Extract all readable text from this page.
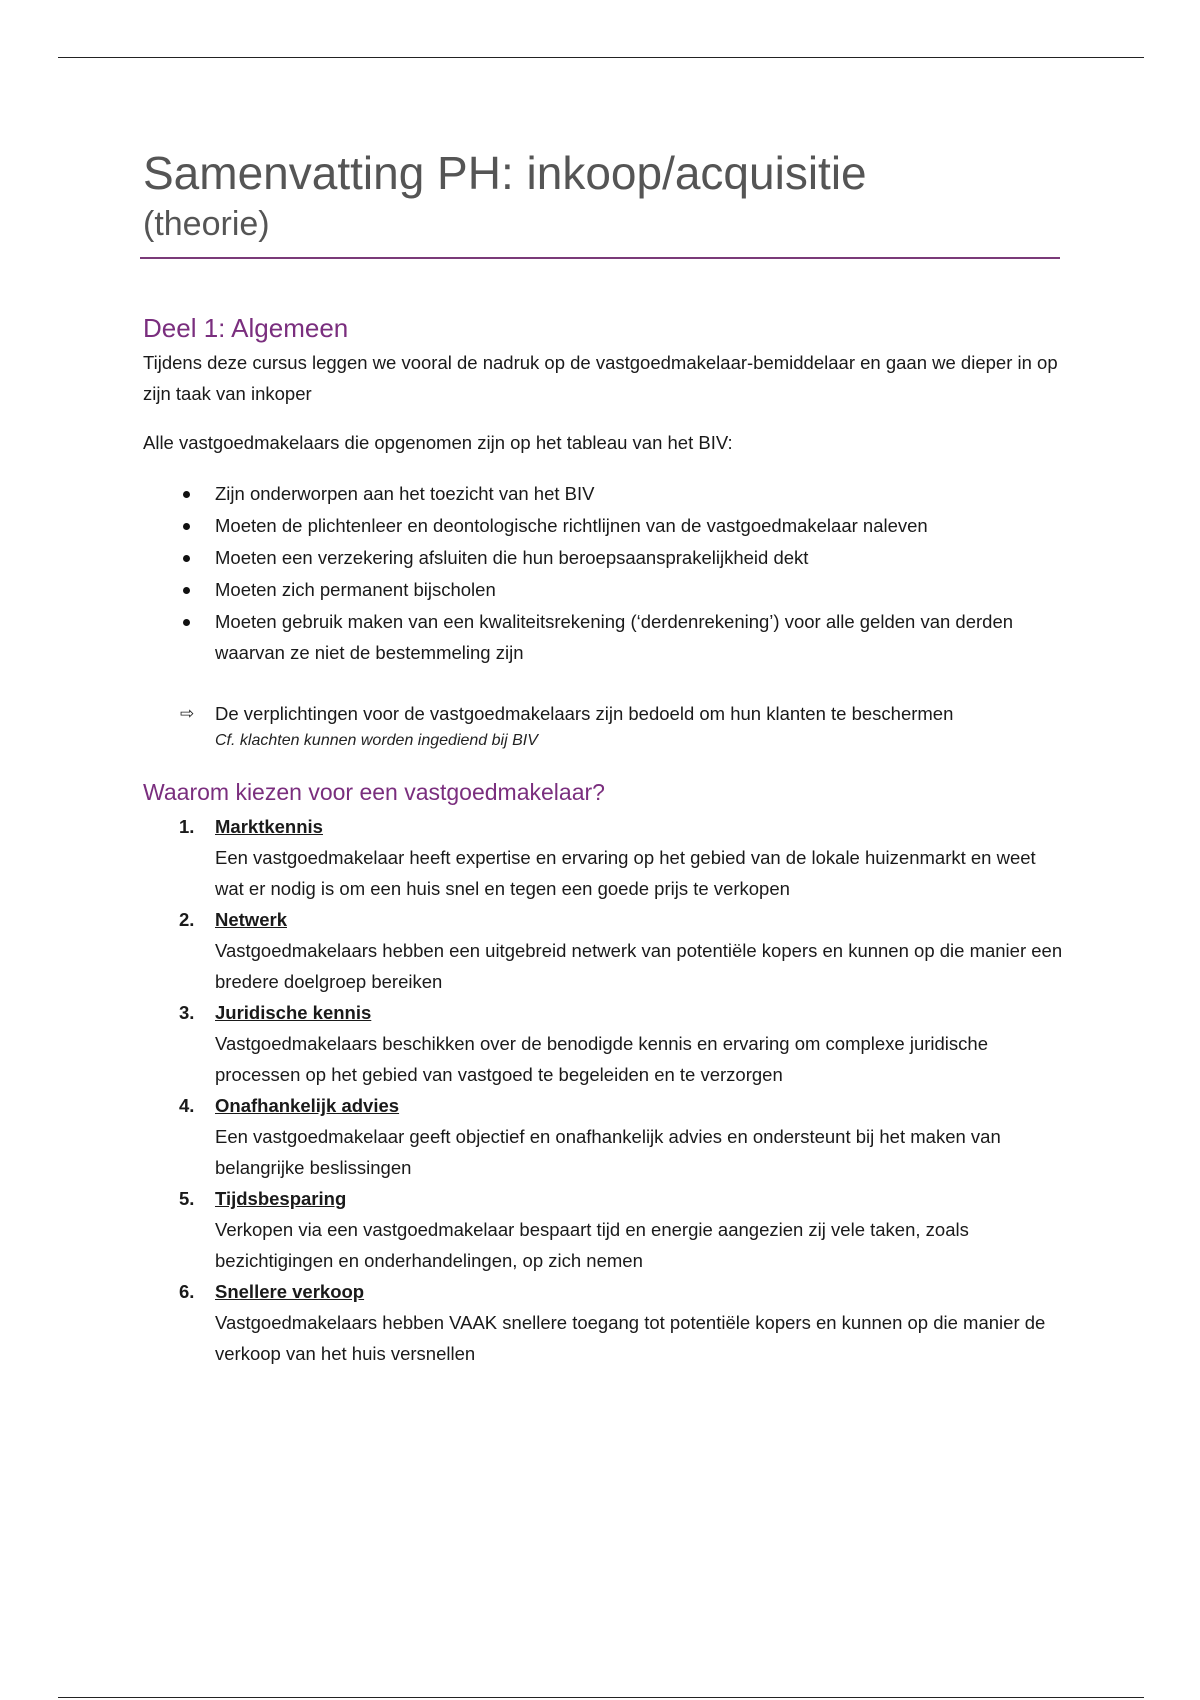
Samenvatting PH: inkoop/acquisitie
(theorie)
Deel 1: Algemeen

Tijdens deze cursus leggen we vooral de nadruk op de vastgoedmakelaar-bemiddelaar en gaan we dieper in op zijn taak van inkoper

Alle vastgoedmakelaars die opgenomen zijn op het tableau van het BIV:

Zijn onderworpen aan het toezicht van het BIV
Moeten de plichtenleer en deontologische richtlijnen van de vastgoedmakelaar naleven
Moeten een verzekering afsluiten die hun beroepsaansprakelijkheid dekt
Moeten zich permanent bijscholen
Moeten gebruik maken van een kwaliteitsrekening (‘derdenrekening’) voor alle gelden van derden waarvan ze niet de bestemmeling zijn
⇨ De verplichtingen voor de vastgoedmakelaars zijn bedoeld om hun klanten te beschermen

Cf. klachten kunnen worden ingediend bij BIV
Waarom kiezen voor een vastgoedmakelaar?
1. Marktkennis
Een vastgoedmakelaar heeft expertise en ervaring op het gebied van de lokale huizenmarkt en weet wat er nodig is om een huis snel en tegen een goede prijs te verkopen
2. Netwerk
Vastgoedmakelaars hebben een uitgebreid netwerk van potentiële kopers en kunnen op die manier een bredere doelgroep bereiken
3. Juridische kennis
Vastgoedmakelaars beschikken over de benodigde kennis en ervaring om complexe juridische processen op het gebied van vastgoed te begeleiden en te verzorgen
4. Onafhankelijk advies
Een vastgoedmakelaar geeft objectief en onafhankelijk advies en ondersteunt bij het maken van belangrijke beslissingen
5. Tijdsbesparing
Verkopen via een vastgoedmakelaar bespaart tijd en energie aangezien zij vele taken, zoals bezichtigingen en onderhandelingen, op zich nemen
6. Snellere verkoop
Vastgoedmakelaars hebben VAAK snellere toegang tot potentiële kopers en kunnen op die manier de verkoop van het huis versnellen
